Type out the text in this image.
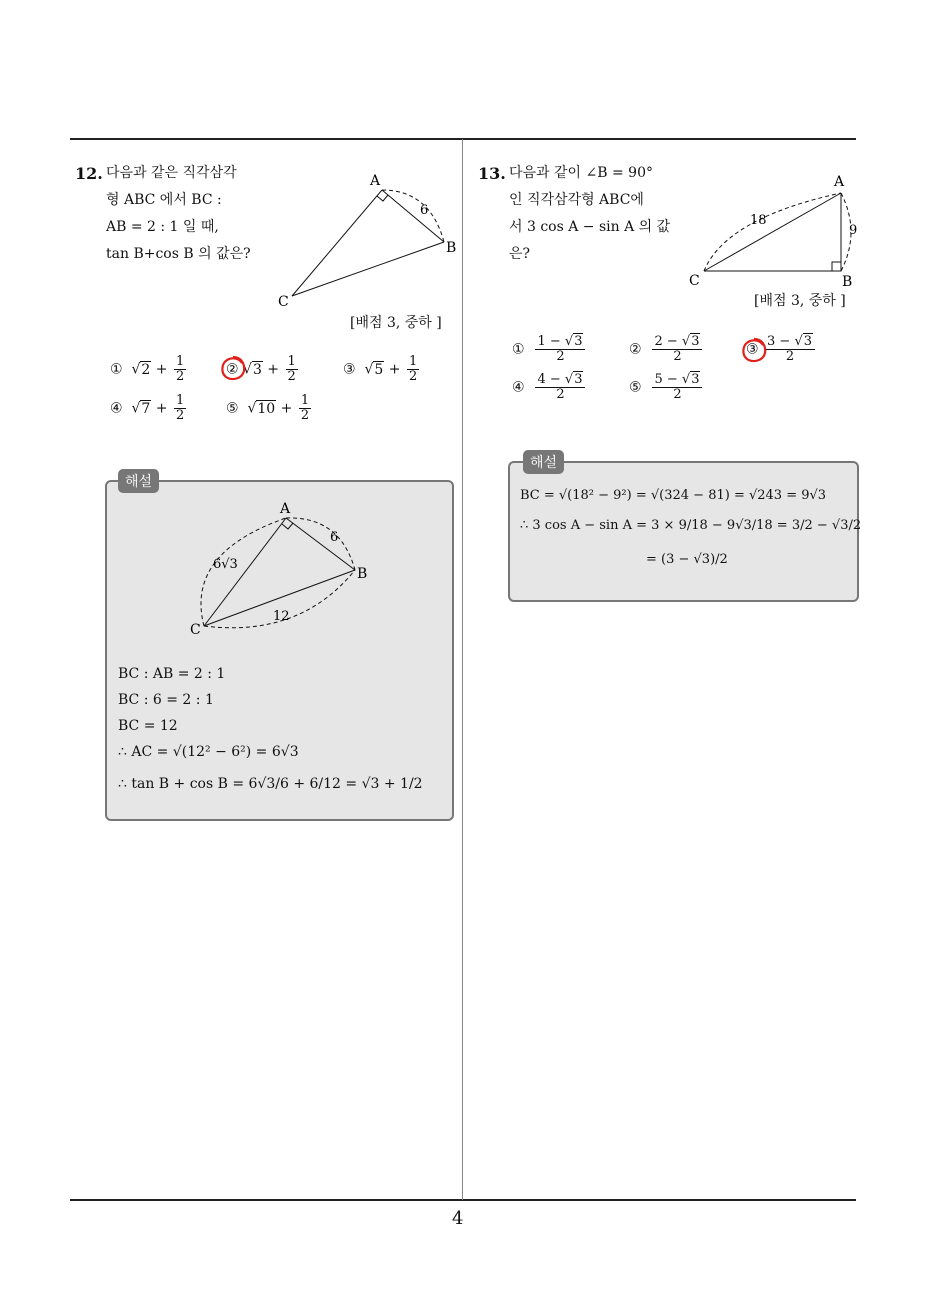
4
12. 다음과 같은 직각삼각
형 ABC 에서 BC :
AB = 2 : 1 일 때,
tan B+cos B 의 값은?
A
B
C
6
[배점 3, 중하 ]
①  $√2 + \frac{1}{2}$	② $√3 + \frac{1}{2}$	③  $√5 + \frac{1}{2}$
④  $√7 + \frac{1}{2}$	⑤  $√10 + \frac{1}{2}$
해설
A
B
C
6
6√3
12
BC : AB = 2 : 1
BC : 6 = 2 : 1
BC = 12
∴ AC = √(12² − 6²) = 6√3
∴ tan B + cos B = 6√3/6 + 6/12 = √3 + 1/2
13. 다음과 같이 ∠B = 90°
인 직각삼각형 ABC에
서 3 cos A − sin A 의 값
은?
A
B
C
18
9
[배점 3, 중하 ]
① $\frac{1 - √3}{2}$	② $\frac{2 - √3}{2}$	③ $\frac{3 - √3}{2}$
④ $\frac{4 - √3}{2}$	⑤ $\frac{5 - √3}{2}$
해설
BC = √(18² − 9²) = √(324 − 81) = √243 = 9√3
∴ 3 cos A − sin A = 3 × 9/18 − 9√3/18 = 3/2 − √3/2
= (3 − √3)/2
